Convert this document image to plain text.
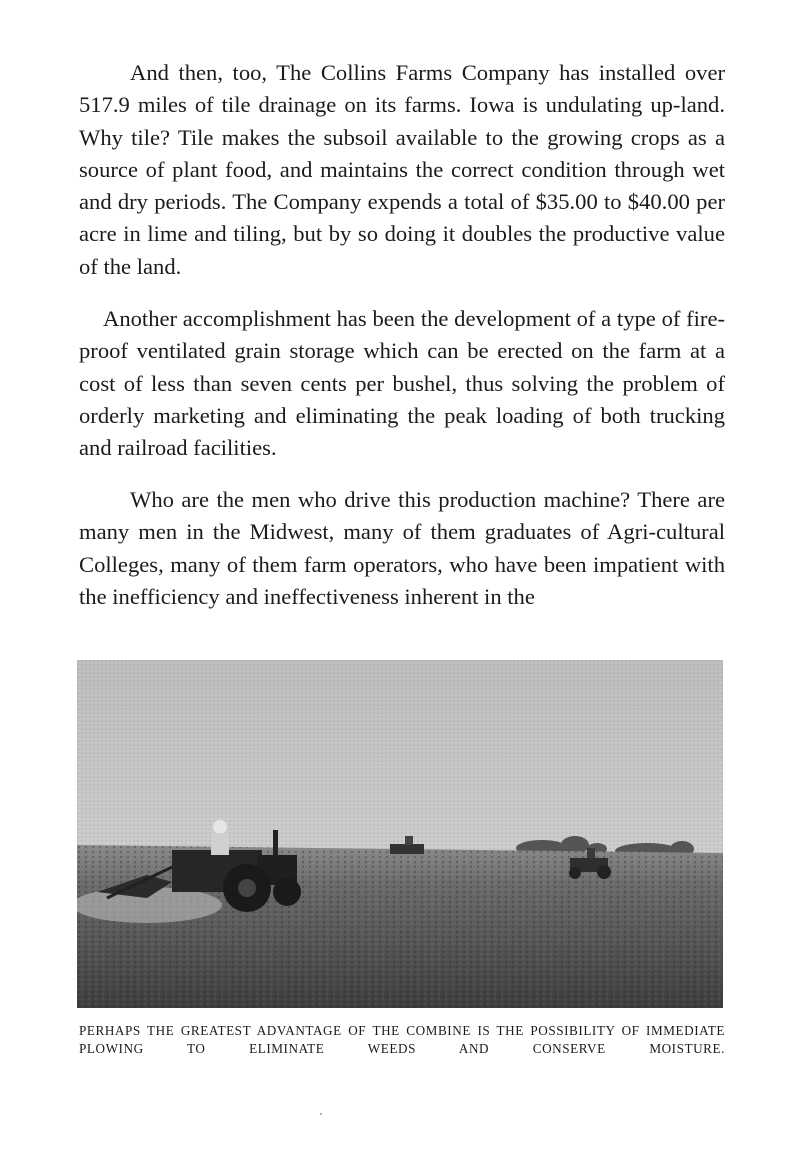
And then, too, The Collins Farms Company has installed over 517.9 miles of tile drainage on its farms. Iowa is undulating up-land. Why tile? Tile makes the subsoil available to the growing crops as a source of plant food, and maintains the correct condition through wet and dry periods. The Company expends a total of $35.00 to $40.00 per acre in lime and tiling, but by so doing it doubles the productive value of the land.

Another accomplishment has been the development of a type of fire-proof ventilated grain storage which can be erected on the farm at a cost of less than seven cents per bushel, thus solving the problem of orderly marketing and eliminating the peak loading of both trucking and railroad facilities.

Who are the men who drive this production machine? There are many men in the Midwest, many of them graduates of Agri-cultural Colleges, many of them farm operators, who have been impatient with the inefficiency and ineffectiveness inherent in the

PERHAPS THE GREATEST ADVANTAGE OF THE COMBINE IS THE POSSIBILITY OF IMMEDIATE PLOWING TO ELIMINATE WEEDS AND CONSERVE MOISTURE.
